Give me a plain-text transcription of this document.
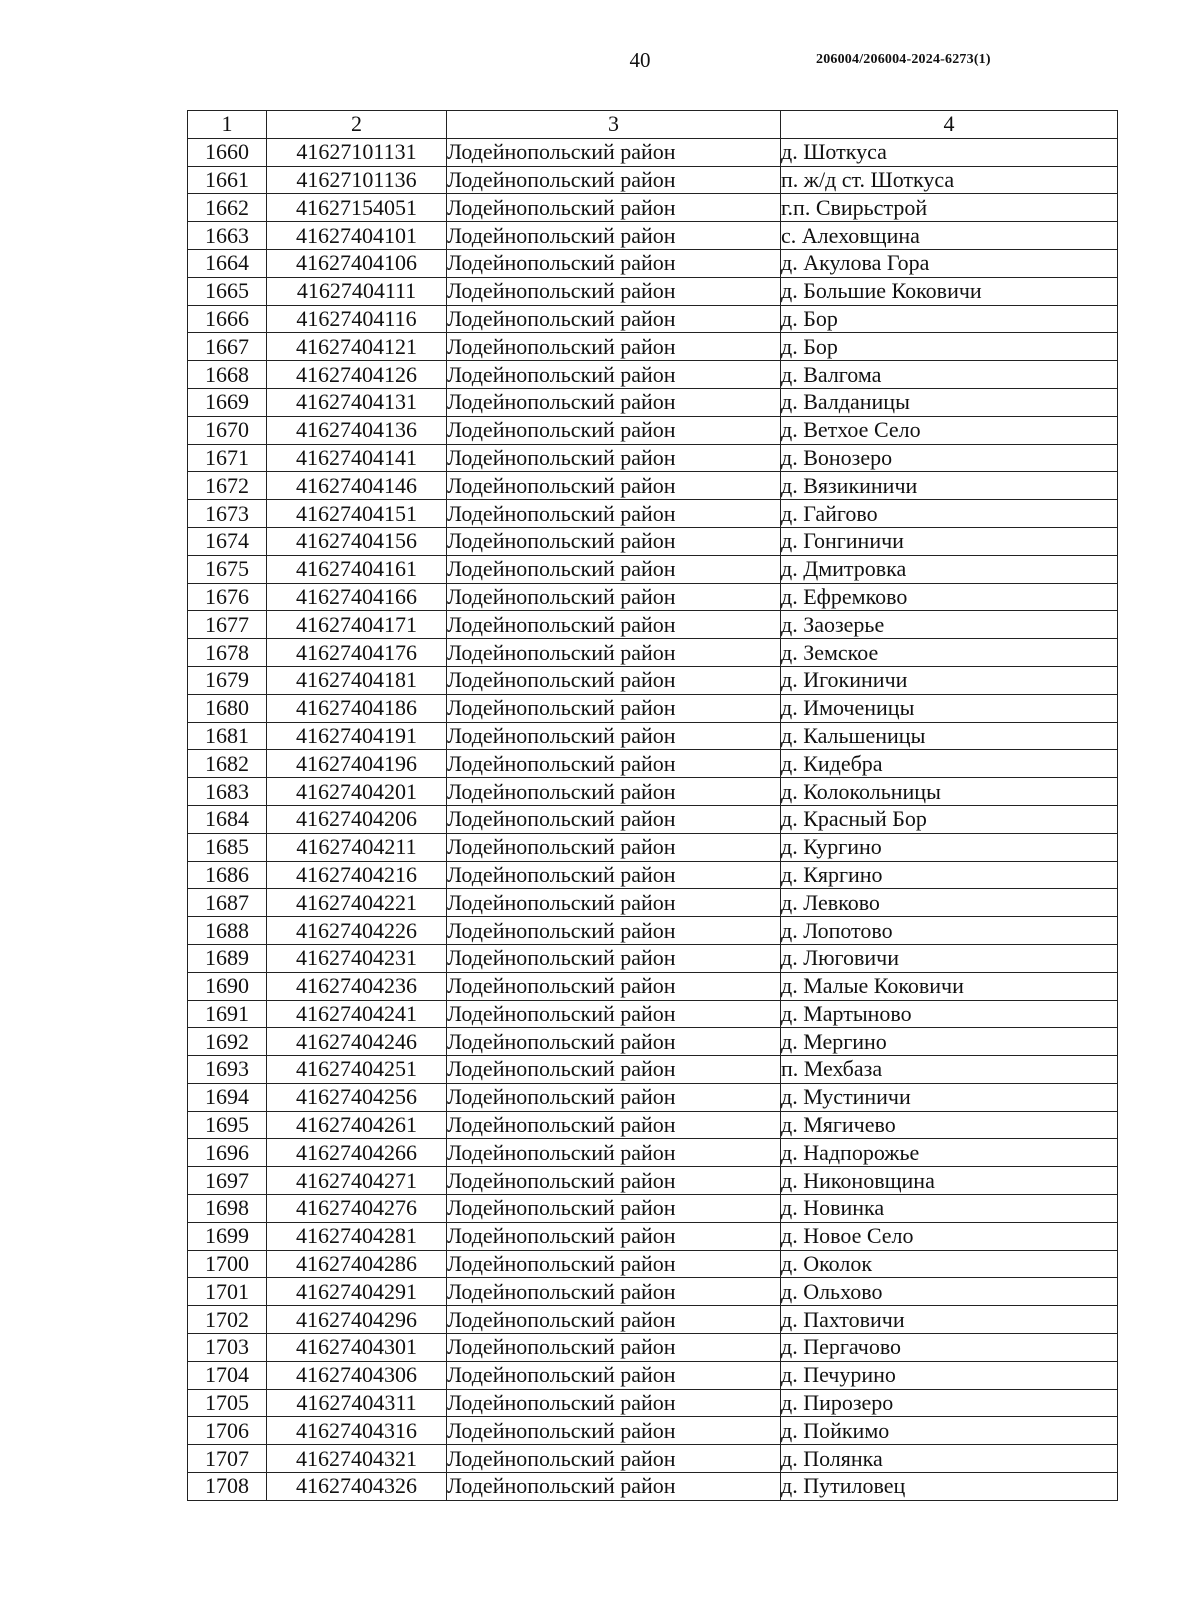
40	206004/206004-2024-6273(1)
1	2	3	4
1660	41627101131	Лодейнопольский район	д. Шоткуса
1661	41627101136	Лодейнопольский район	п. ж/д ст. Шоткуса
1662	41627154051	Лодейнопольский район	г.п. Свирьстрой
1663	41627404101	Лодейнопольский район	с. Алеховщина
1664	41627404106	Лодейнопольский район	д. Акулова Гора
1665	41627404111	Лодейнопольский район	д. Большие Коковичи
1666	41627404116	Лодейнопольский район	д. Бор
1667	41627404121	Лодейнопольский район	д. Бор
1668	41627404126	Лодейнопольский район	д. Валгома
1669	41627404131	Лодейнопольский район	д. Валданицы
1670	41627404136	Лодейнопольский район	д. Ветхое Село
1671	41627404141	Лодейнопольский район	д. Вонозеро
1672	41627404146	Лодейнопольский район	д. Вязикиничи
1673	41627404151	Лодейнопольский район	д. Гайгово
1674	41627404156	Лодейнопольский район	д. Гонгиничи
1675	41627404161	Лодейнопольский район	д. Дмитровка
1676	41627404166	Лодейнопольский район	д. Ефремково
1677	41627404171	Лодейнопольский район	д. Заозерье
1678	41627404176	Лодейнопольский район	д. Земское
1679	41627404181	Лодейнопольский район	д. Игокиничи
1680	41627404186	Лодейнопольский район	д. Имоченицы
1681	41627404191	Лодейнопольский район	д. Кальшеницы
1682	41627404196	Лодейнопольский район	д. Кидебра
1683	41627404201	Лодейнопольский район	д. Колокольницы
1684	41627404206	Лодейнопольский район	д. Красный Бор
1685	41627404211	Лодейнопольский район	д. Кургино
1686	41627404216	Лодейнопольский район	д. Кяргино
1687	41627404221	Лодейнопольский район	д. Левково
1688	41627404226	Лодейнопольский район	д. Лопотово
1689	41627404231	Лодейнопольский район	д. Люговичи
1690	41627404236	Лодейнопольский район	д. Малые Коковичи
1691	41627404241	Лодейнопольский район	д. Мартыново
1692	41627404246	Лодейнопольский район	д. Мергино
1693	41627404251	Лодейнопольский район	п. Мехбаза
1694	41627404256	Лодейнопольский район	д. Мустиничи
1695	41627404261	Лодейнопольский район	д. Мягичево
1696	41627404266	Лодейнопольский район	д. Надпорожье
1697	41627404271	Лодейнопольский район	д. Никоновщина
1698	41627404276	Лодейнопольский район	д. Новинка
1699	41627404281	Лодейнопольский район	д. Новое Село
1700	41627404286	Лодейнопольский район	д. Околок
1701	41627404291	Лодейнопольский район	д. Ольхово
1702	41627404296	Лодейнопольский район	д. Пахтовичи
1703	41627404301	Лодейнопольский район	д. Пергачово
1704	41627404306	Лодейнопольский район	д. Печурино
1705	41627404311	Лодейнопольский район	д. Пирозеро
1706	41627404316	Лодейнопольский район	д. Пойкимо
1707	41627404321	Лодейнопольский район	д. Полянка
1708	41627404326	Лодейнопольский район	д. Путиловец
